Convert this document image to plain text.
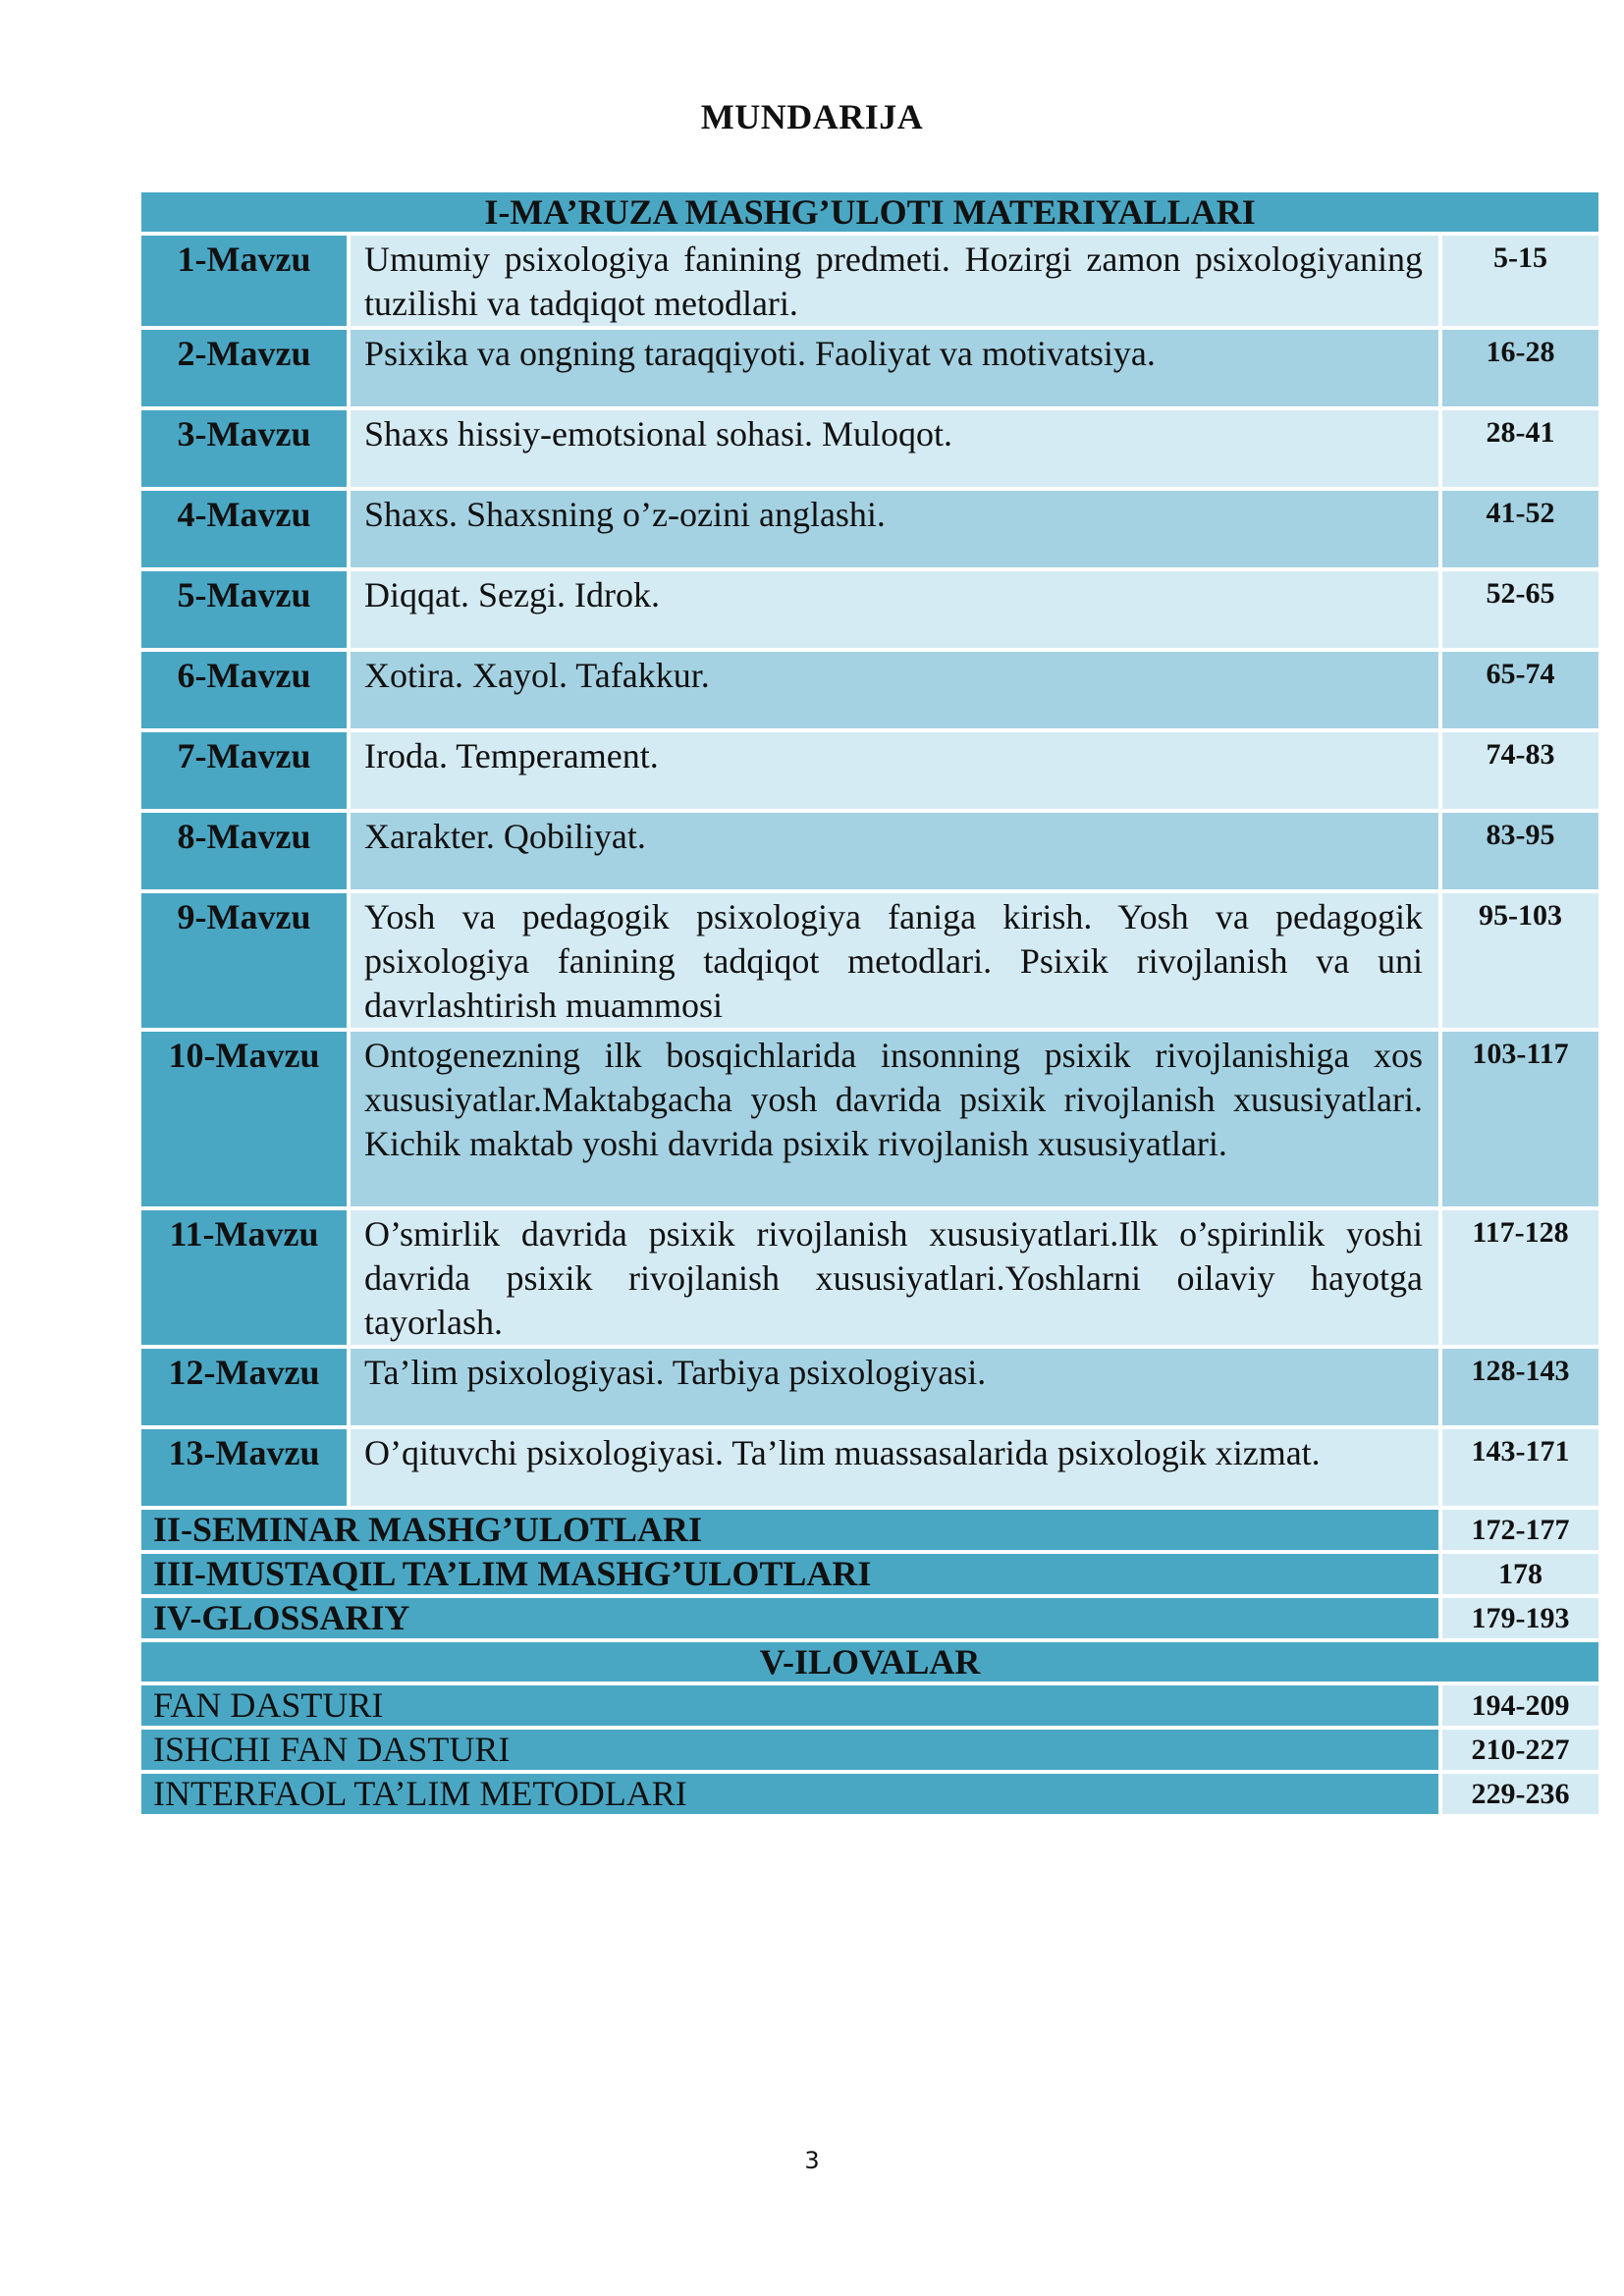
MUNDARIJA
I-MA’RUZA MASHG’ULOTI MATERIYALLARI		
1-Mavzu	Umumiy psixologiya fanining predmeti. Hozirgi zamon psixologiyaning tuzilishi va tadqiqot metodlari.	5-15
2-Mavzu	Psixika va ongning taraqqiyoti. Faoliyat va motivatsiya.	16-28
3-Mavzu	Shaxs hissiy-emotsional sohasi. Muloqot.	28-41
4-Mavzu	Shaxs. Shaxsning o’z-ozini anglashi.	41-52
5-Mavzu	Diqqat. Sezgi. Idrok.	52-65
6-Mavzu	Xotira. Xayol. Tafakkur.	65-74
7-Mavzu	Iroda. Temperament.	74-83
8-Mavzu	Xarakter. Qobiliyat.	83-95
9-Mavzu	Yosh va pedagogik psixologiya faniga kirish. Yosh va pedagogik psixologiya fanining tadqiqot metodlari. Psixik rivojlanish va uni davrlashtirish muammosi	95-103
10-Mavzu	Ontogenezning ilk bosqichlarida insonning psixik rivojlanishiga xos xususiyatlar.Maktabgacha yosh davrida psixik rivojlanish xususiyatlari. Kichik maktab yoshi davrida psixik rivojlanish xususiyatlari.	103-117
11-Mavzu	O’smirlik davrida psixik rivojlanish xususiyatlari.Ilk o’spirinlik yoshi davrida psixik rivojlanish xususiyatlari.Yoshlarni oilaviy hayotga tayorlash.	117-128
12-Mavzu	Ta’lim psixologiyasi. Tarbiya psixologiyasi.	128-143
13-Mavzu	O’qituvchi psixologiyasi. Ta’lim muassasalarida psixologik xizmat.	143-171
II-SEMINAR MASHG’ULOTLARI		172-177
III-MUSTAQIL TA’LIM MASHG’ULOTLARI		178
IV-GLOSSARIY		179-193
V-ILOVALAR		
FAN DASTURI		194-209
ISHCHI FAN DASTURI		210-227
INTERFAOL TA’LIM METODLARI		229-236
3
